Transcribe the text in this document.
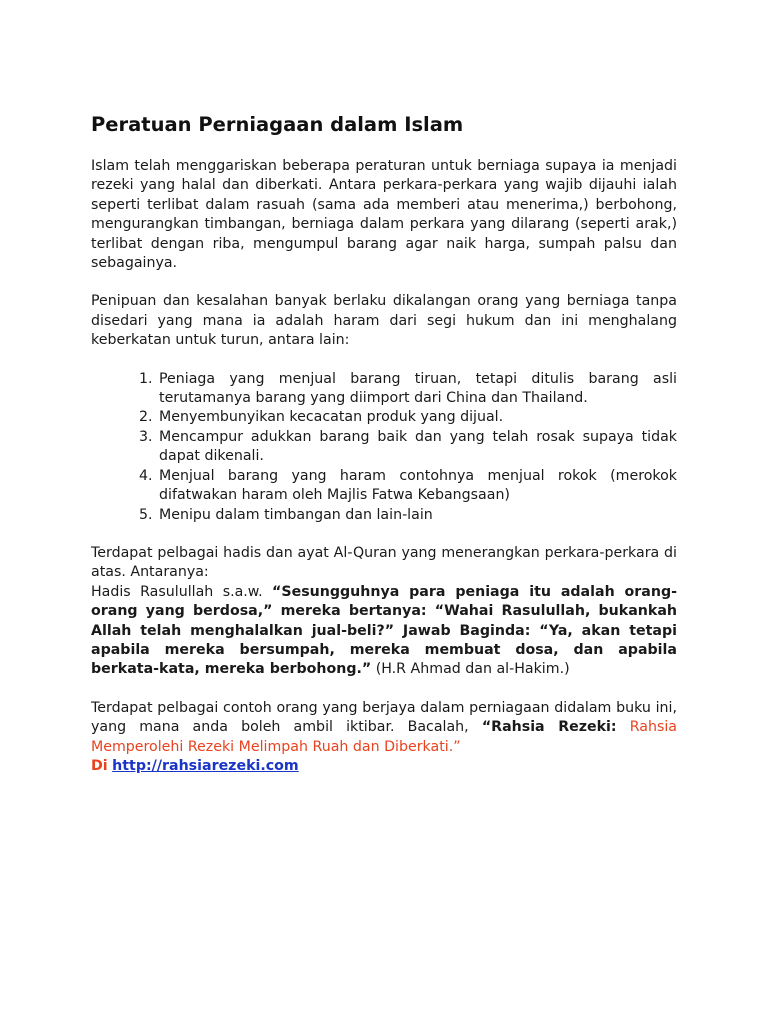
Peratuan Perniagaan dalam Islam

Islam telah menggariskan beberapa peraturan untuk berniaga supaya ia menjadi rezeki yang halal dan diberkati. Antara perkara-perkara yang wajib dijauhi ialah seperti terlibat dalam rasuah (sama ada memberi atau menerima,) berbohong, mengurangkan timbangan, berniaga dalam perkara yang dilarang (seperti arak,) terlibat dengan riba, mengumpul barang agar naik harga, sumpah palsu dan sebagainya.

Penipuan dan kesalahan banyak berlaku dikalangan orang yang berniaga tanpa disedari yang mana ia adalah haram dari segi hukum dan ini menghalang keberkatan untuk turun, antara lain:

1. Peniaga yang menjual barang tiruan, tetapi ditulis barang asli terutamanya barang yang diimport dari China dan Thailand.
2. Menyembunyikan kecacatan produk yang dijual.
3. Mencampur adukkan barang baik dan yang telah rosak supaya tidak dapat dikenali.
4. Menjual barang yang haram contohnya menjual rokok (merokok difatwakan haram oleh Majlis Fatwa Kebangsaan)
5. Menipu dalam timbangan dan lain-lain

Terdapat pelbagai hadis dan ayat Al-Quran yang menerangkan perkara-perkara di atas. Antaranya:

Hadis Rasulullah s.a.w. “Sesungguhnya para peniaga itu adalah orang-orang yang berdosa,” mereka bertanya: “Wahai Rasulullah, bukankah Allah telah menghalalkan jual-beli?” Jawab Baginda: “Ya, akan tetapi apabila mereka bersumpah, mereka membuat dosa, dan apabila berkata-kata, mereka berbohong.” (H.R Ahmad dan al-Hakim.)

Terdapat pelbagai contoh orang yang berjaya dalam perniagaan didalam buku ini, yang mana anda boleh ambil iktibar. Bacalah, “Rahsia Rezeki: Rahsia Memperolehi Rezeki Melimpah Ruah dan Diberkati.”

Di http://rahsiarezeki.com
